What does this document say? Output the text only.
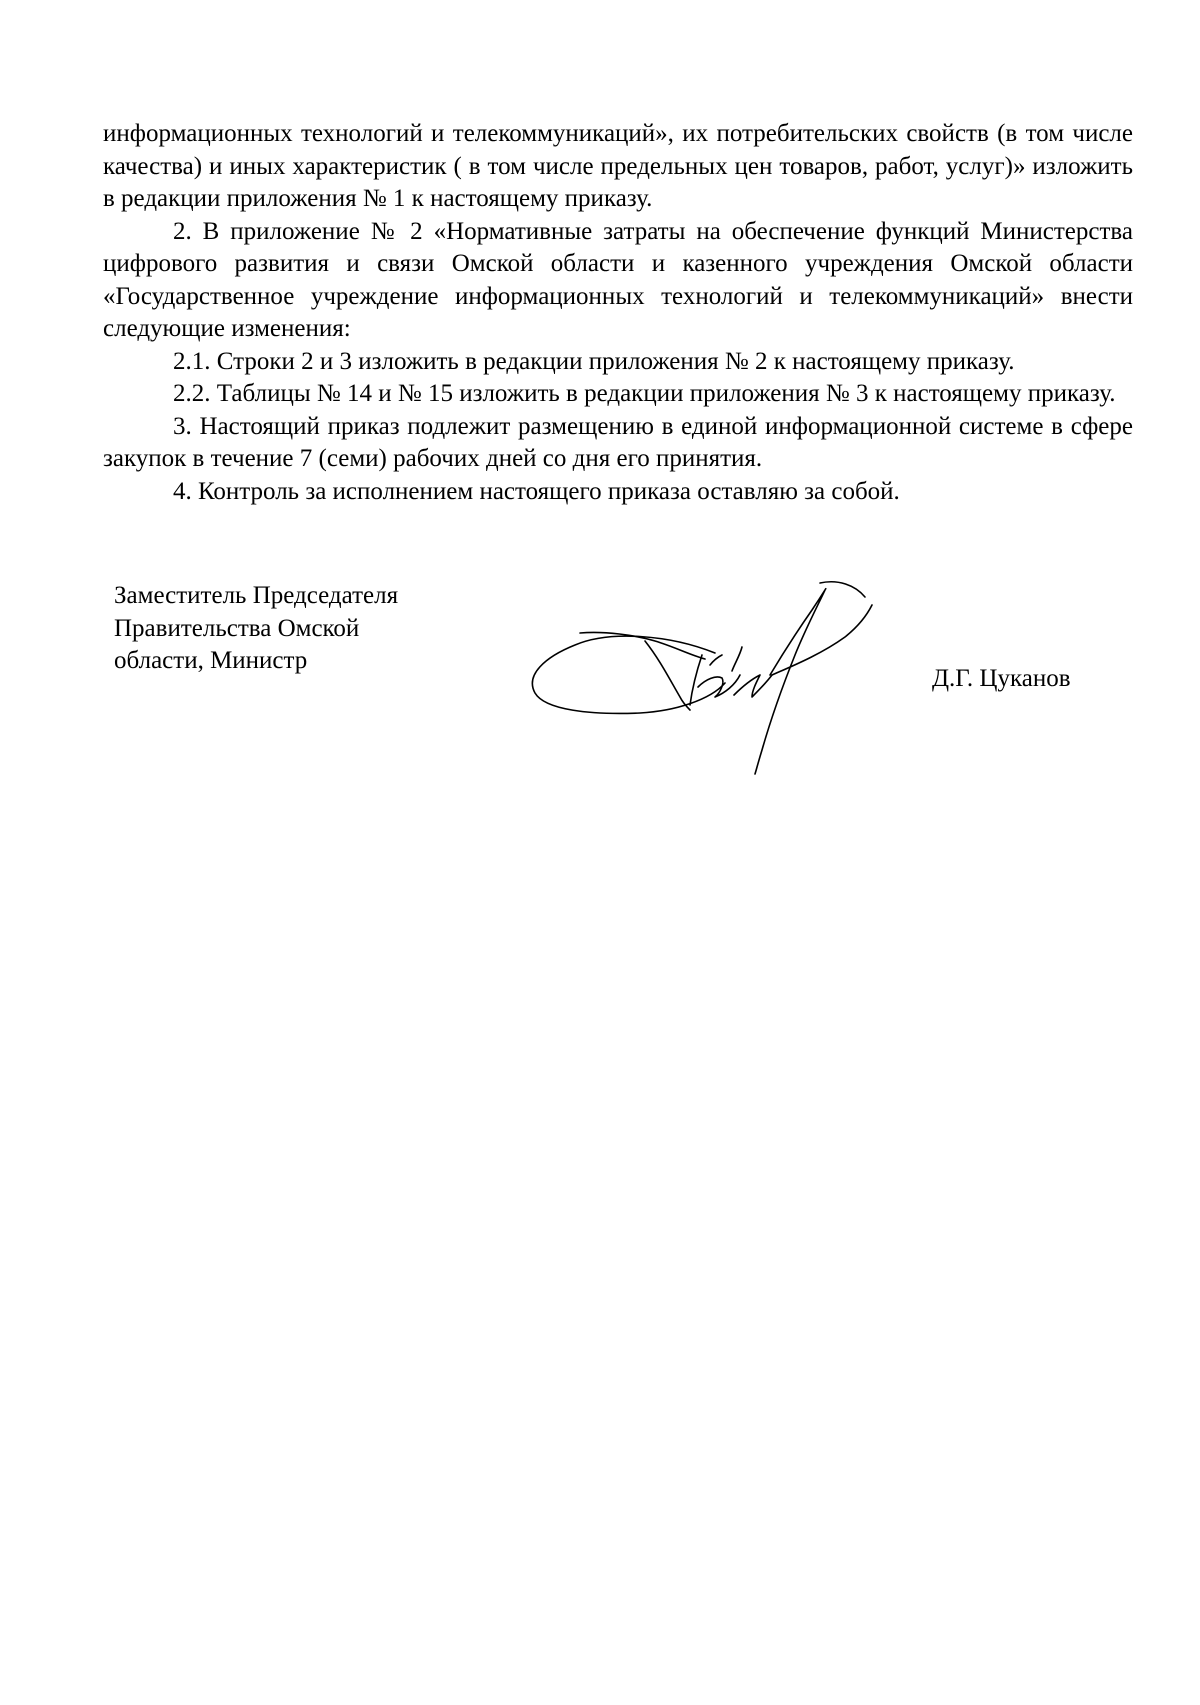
информационных технологий и телекоммуникаций», их потребительских свойств (в том числе качества) и иных характеристик ( в том числе предельных цен товаров, работ, услуг)» изложить в редакции приложения № 1 к настоящему приказу.

2. В приложение № 2 «Нормативные затраты на обеспечение функций Министерства цифрового развития и связи Омской области и казенного учреждения Омской области «Государственное учреждение информационных технологий и телекоммуникаций» внести следующие изменения:

2.1. Строки 2 и 3 изложить в редакции приложения № 2 к настоящему приказу.

2.2. Таблицы № 14 и № 15 изложить в редакции приложения № 3 к настоящему приказу.

3. Настоящий приказ подлежит размещению в единой информационной системе в сфере закупок в течение 7 (семи) рабочих дней со дня его принятия.

4. Контроль за исполнением настоящего приказа оставляю за собой.

Заместитель Председателя
Правительства Омской
области, Министр
Д.Г. Цуканов
